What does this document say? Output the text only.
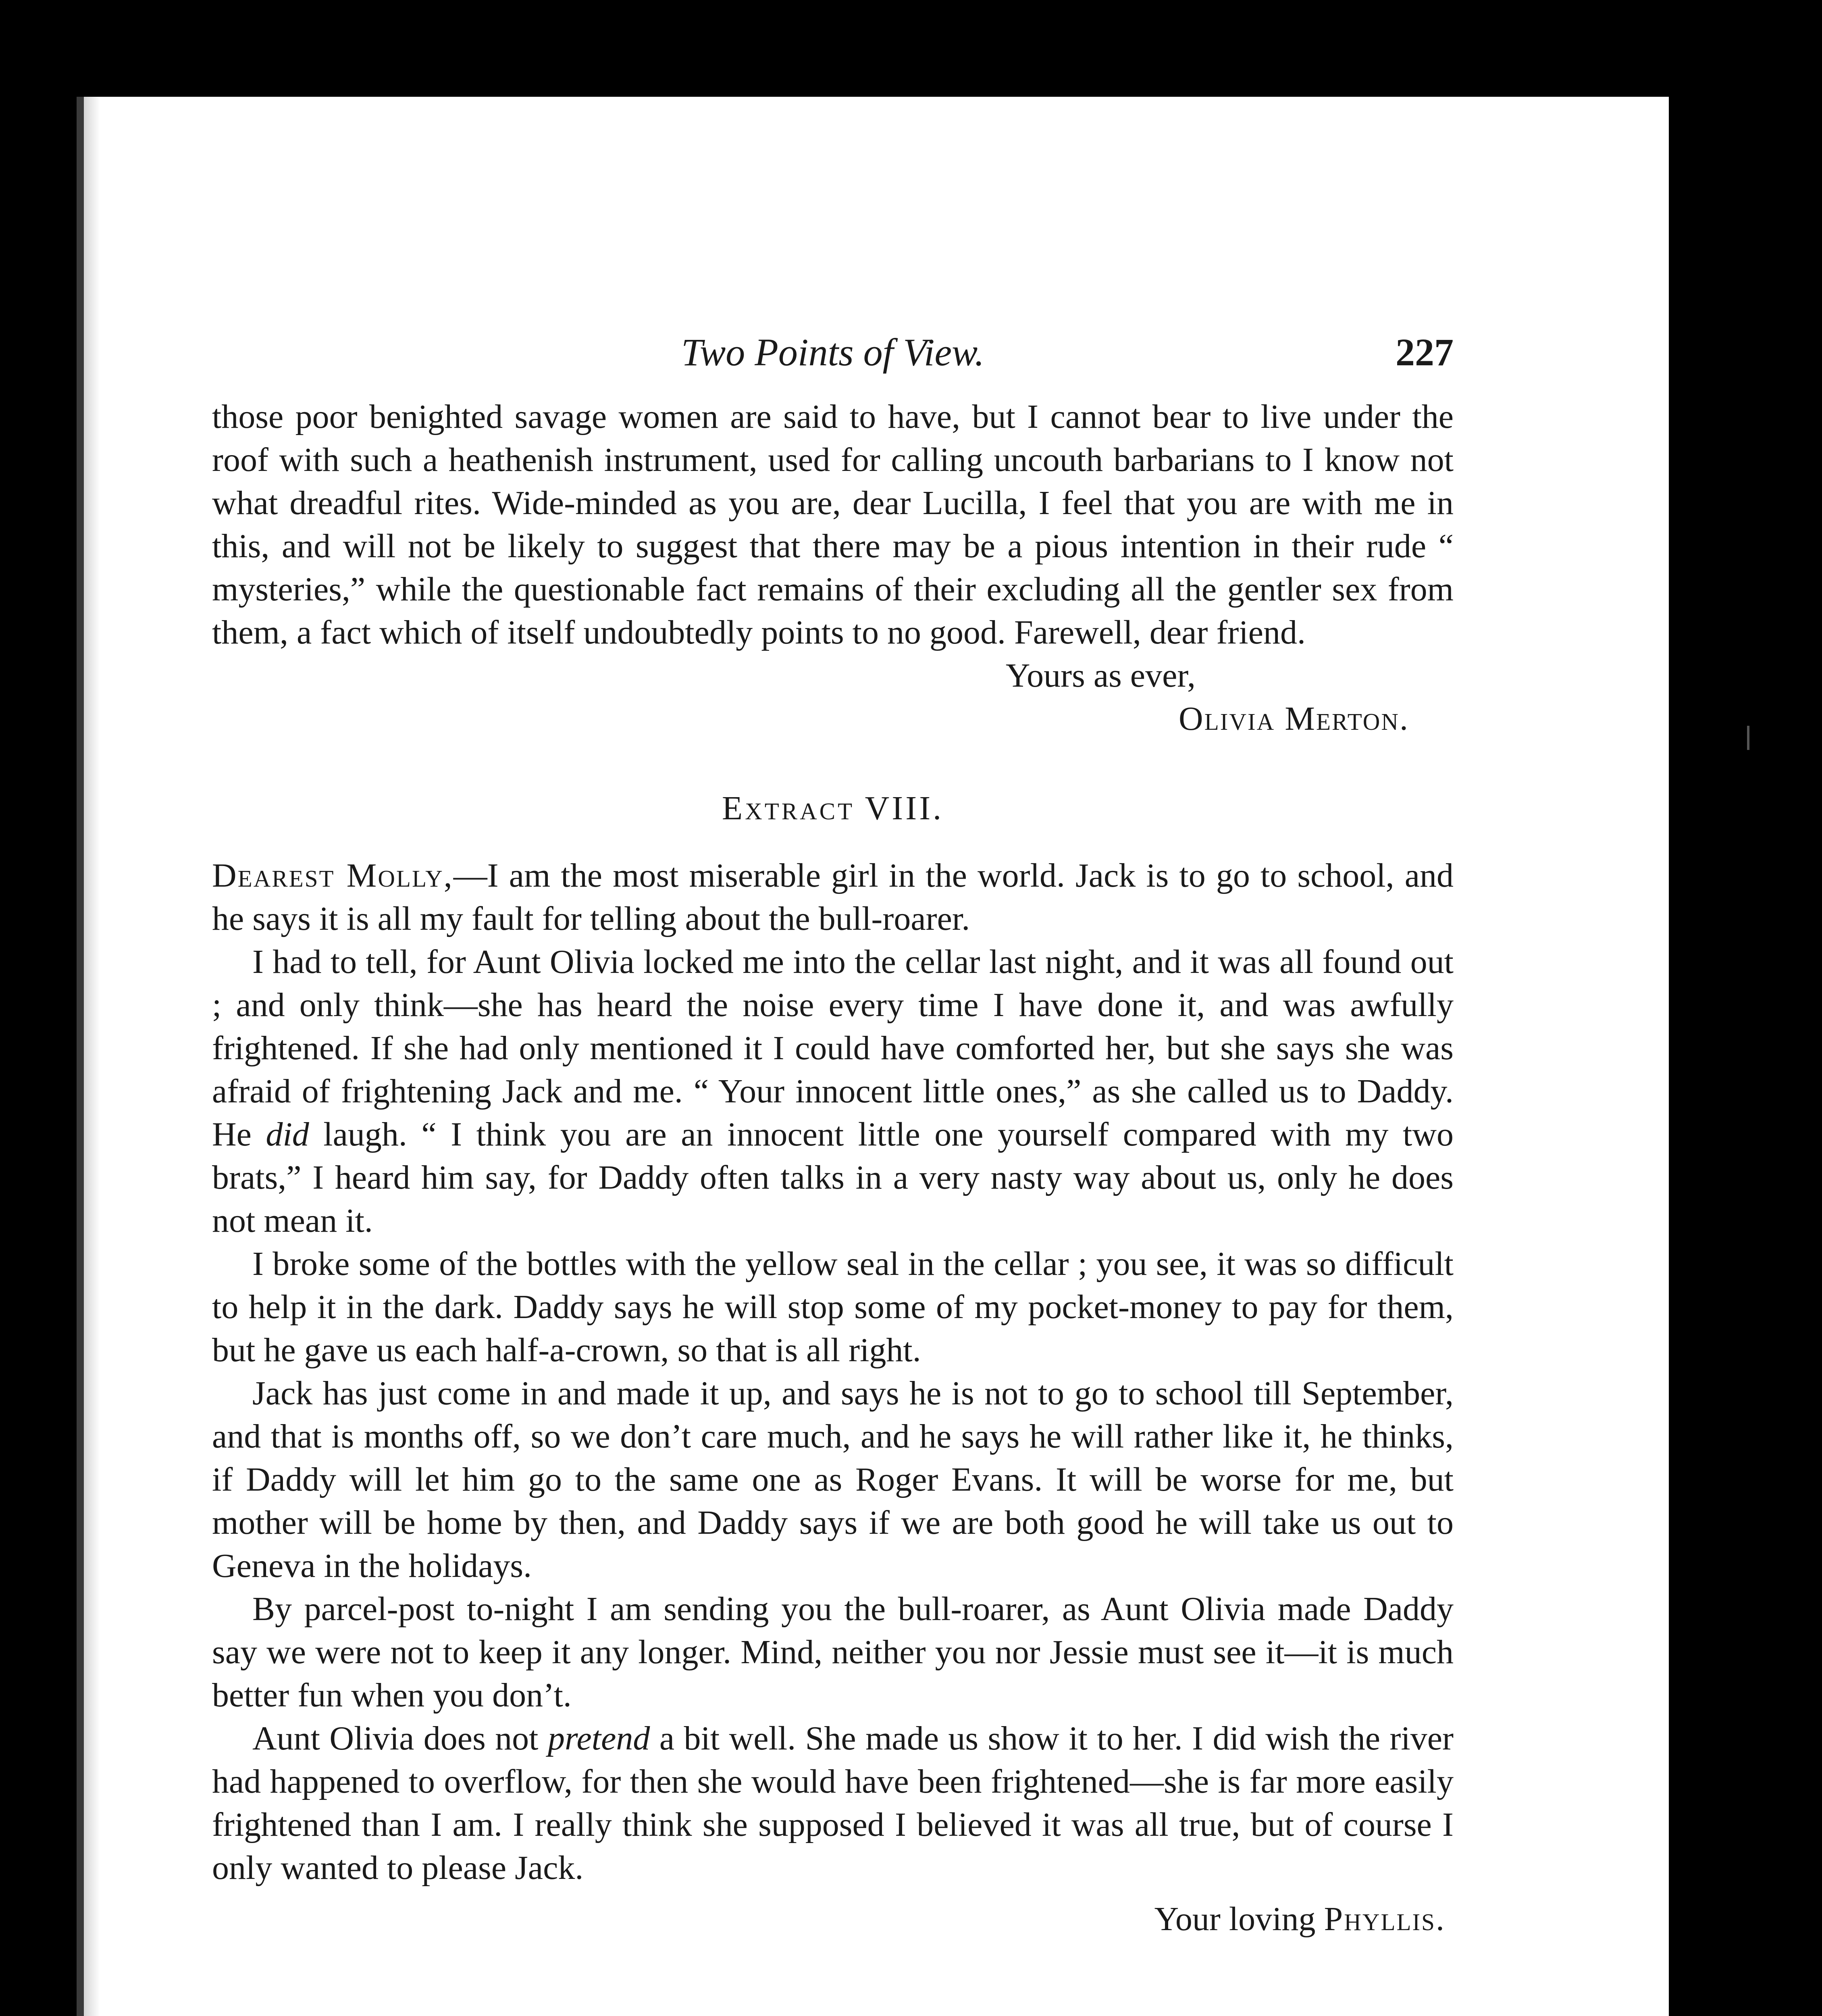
Two Points of View.	227

those poor benighted savage women are said to have, but I cannot bear to live under the roof with such a heathenish instrument, used for calling uncouth barbarians to I know not what dreadful rites. Wide-minded as you are, dear Lucilla, I feel that you are with me in this, and will not be likely to suggest that there may be a pious intention in their rude “ mysteries,” while the questionable fact remains of their excluding all the gentler sex from them, a fact which of itself undoubtedly points to no good. Farewell, dear friend.

Yours as ever,

Olivia Merton.

Extract VIII.

Dearest Molly,—I am the most miserable girl in the world. Jack is to go to school, and he says it is all my fault for telling about the bull-roarer.

I had to tell, for Aunt Olivia locked me into the cellar last night, and it was all found out ; and only think—she has heard the noise every time I have done it, and was awfully frightened. If she had only mentioned it I could have comforted her, but she says she was afraid of frightening Jack and me. “ Your innocent little ones,” as she called us to Daddy. He did laugh. “ I think you are an innocent little one yourself compared with my two brats,” I heard him say, for Daddy often talks in a very nasty way about us, only he does not mean it.

I broke some of the bottles with the yellow seal in the cellar ; you see, it was so difficult to help it in the dark. Daddy says he will stop some of my pocket-money to pay for them, but he gave us each half-a-crown, so that is all right.

Jack has just come in and made it up, and says he is not to go to school till September, and that is months off, so we don’t care much, and he says he will rather like it, he thinks, if Daddy will let him go to the same one as Roger Evans. It will be worse for me, but mother will be home by then, and Daddy says if we are both good he will take us out to Geneva in the holidays.

By parcel-post to-night I am sending you the bull-roarer, as Aunt Olivia made Daddy say we were not to keep it any longer. Mind, neither you nor Jessie must see it—it is much better fun when you don’t.

Aunt Olivia does not pretend a bit well. She made us show it to her. I did wish the river had happened to overflow, for then she would have been frightened—she is far more easily frightened than I am. I really think she supposed I believed it was all true, but of course I only wanted to please Jack.

Your loving Phyllis.
